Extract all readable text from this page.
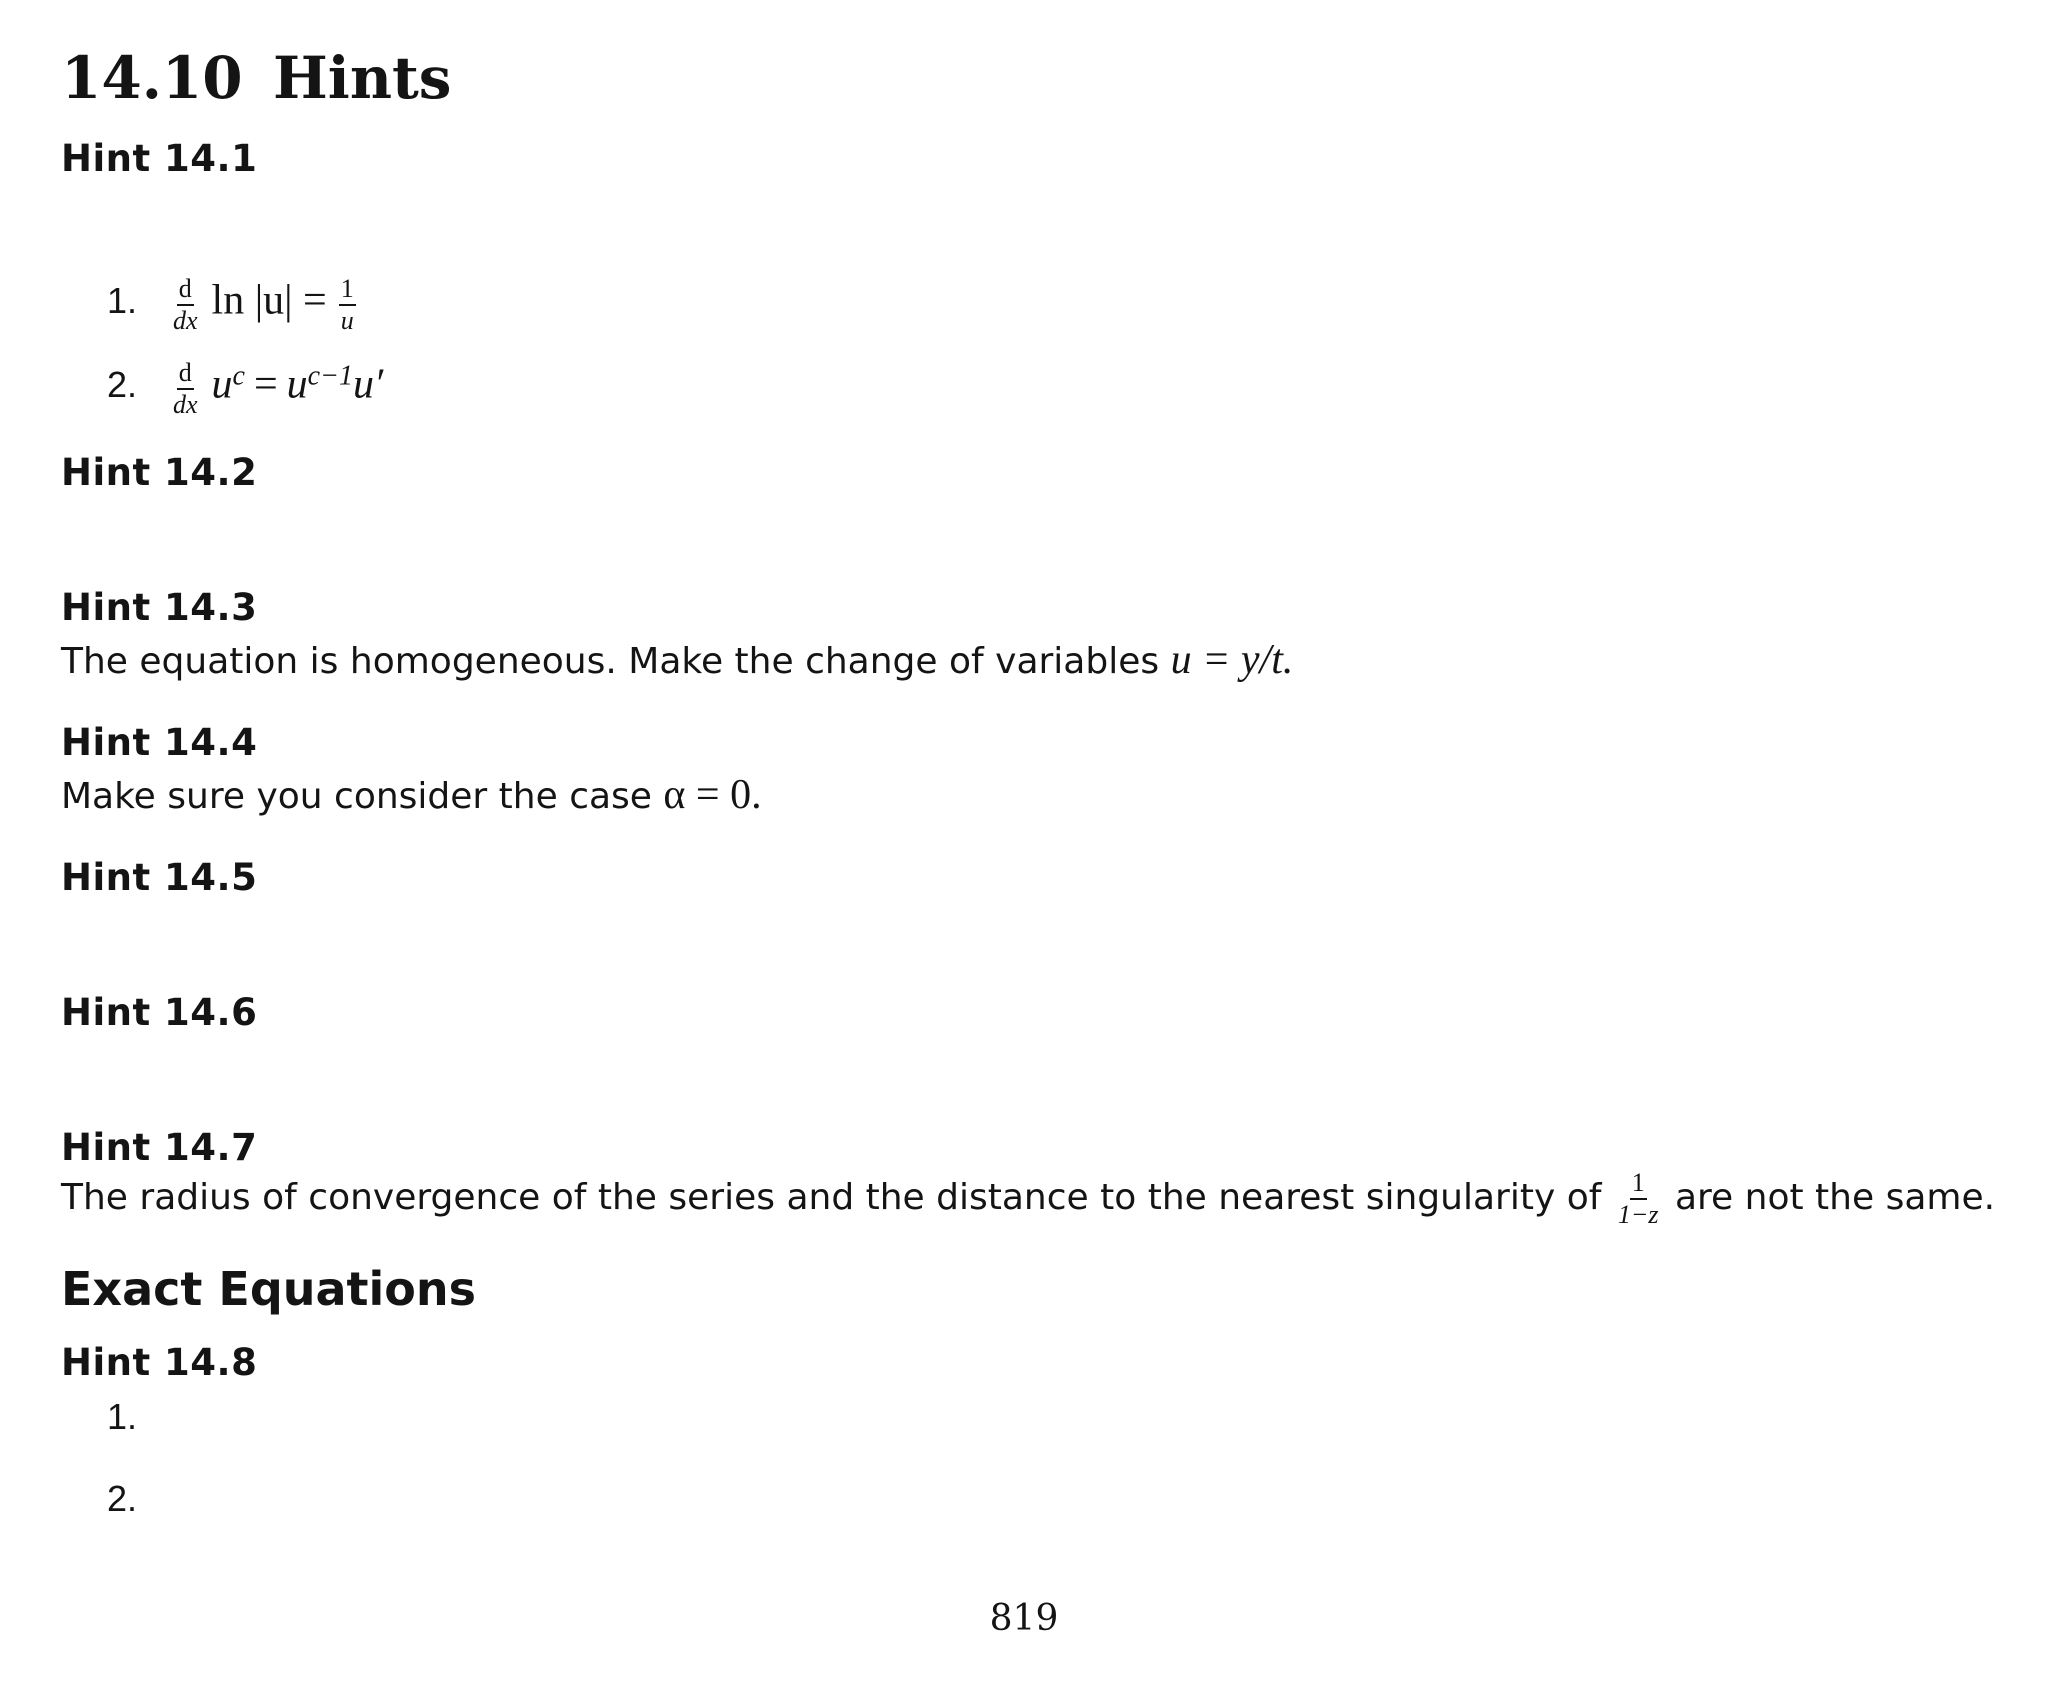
14.10 Hints
Hint 14.1
1. $\frac{d}{dx}$ $\ln |u| = \frac{1}{u}$
2. $\frac{d}{dx} u^c = u^{c-1}u'$
Hint 14.2
Hint 14.3
The equation is homogeneous. Make the change of variables u = y/t.
Hint 14.4
Make sure you consider the case α = 0.
Hint 14.5
Hint 14.6
Hint 14.7
The radius of convergence of the series and the distance to the nearest singularity of $\frac{1}{1-z}$ are not the same.
Exact Equations
Hint 14.8
1.
2.
819
